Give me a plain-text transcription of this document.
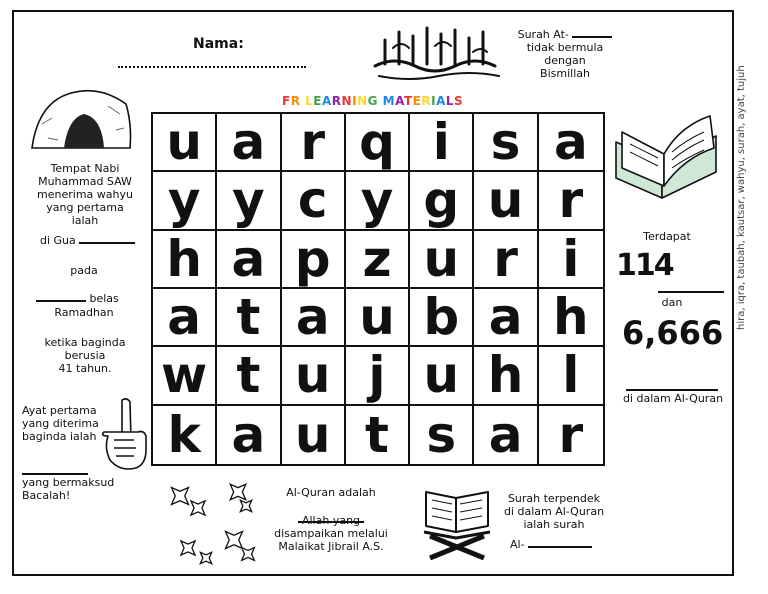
Nama:
Surah At-
tidak bermula dengan
Bismillah
FR LEARNING MATERIALS
Tempat Nabi
Muhammad SAW
menerima wahyu
yang pertama
ialah
di Gua
pada
belas
Ramadhan
ketika baginda
berusia
41 tahun.
Ayat pertama
yang diterima
baginda ialah
yang bermaksud
Bacalah!
u a r q i s a
y y c y g u r
h a p z u r i
a t a u b a h
w t u j u h l
k a u t s a r
Terdapat
114
dan
6,666
di dalam Al-Quran
Al-Quran adalah
Allah yang
disampaikan melalui
Malaikat Jibrail A.S.
Surah terpendek
di dalam Al-Quran
ialah surah
Al-
hira, iqra, taubah, kautsar, wahyu, surah, ayat, tujuh
